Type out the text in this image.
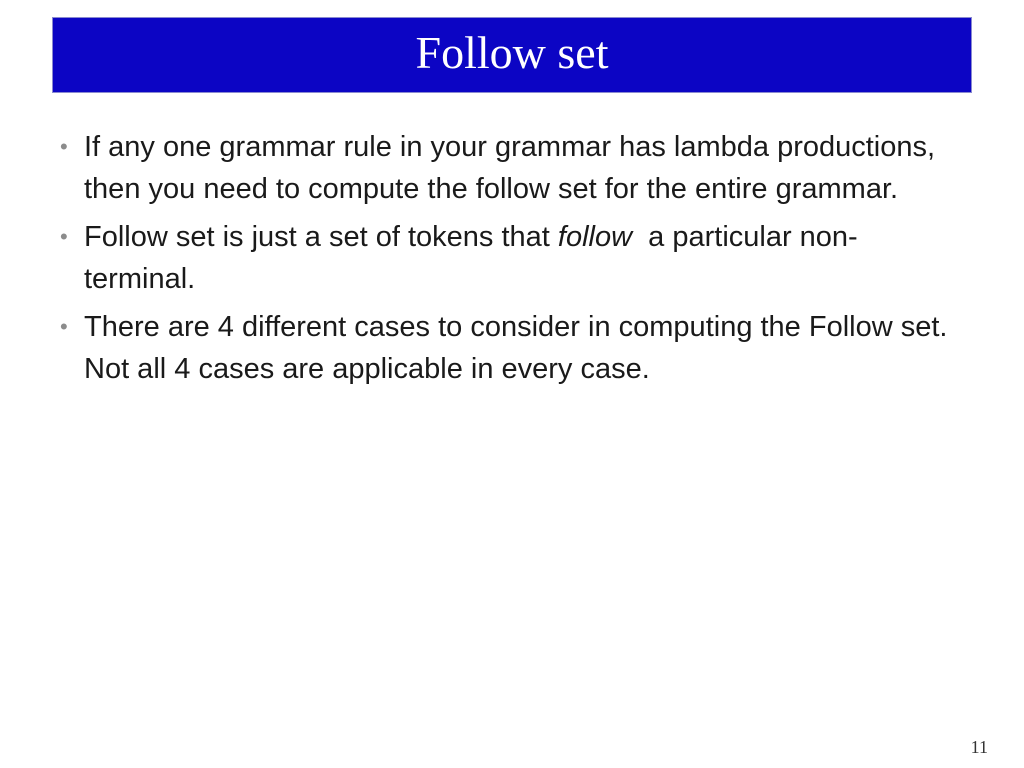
Follow set
• If any one grammar rule in your grammar has lambda productions, then you need to compute the follow set for the entire grammar.
• Follow set is just a set of tokens that follow  a particular non-terminal.
• There are 4 different cases to consider in computing the Follow set.  Not all 4 cases are applicable in every case.
11
